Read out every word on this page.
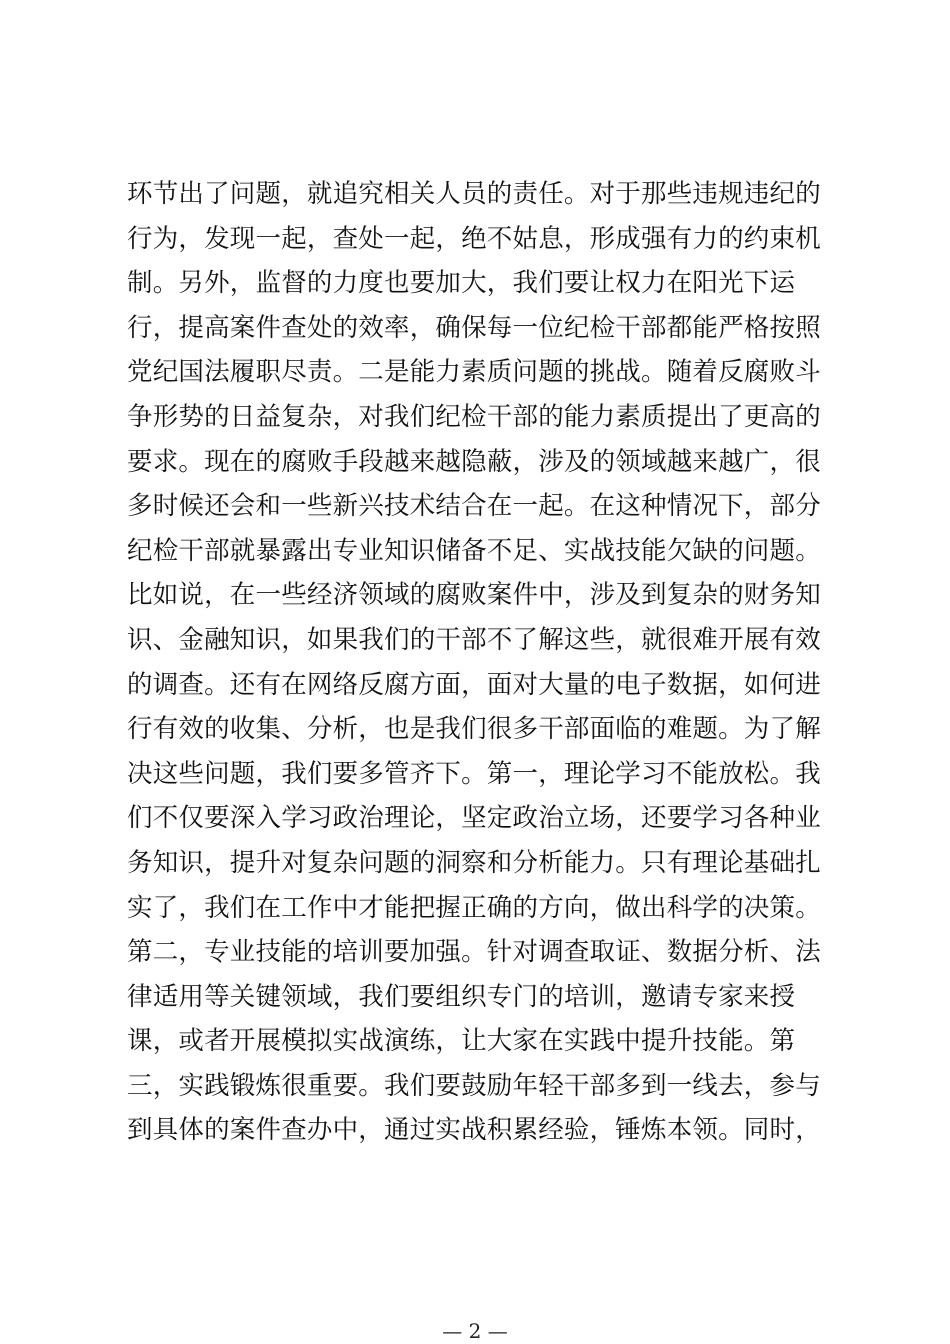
环节出了问题，就追究相关人员的责任。对于那些违规违纪的
行为，发现一起，查处一起，绝不姑息，形成强有力的约束机
制。另外，监督的力度也要加大，我们要让权力在阳光下运
行，提高案件查处的效率，确保每一位纪检干部都能严格按照
党纪国法履职尽责。二是能力素质问题的挑战。随着反腐败斗
争形势的日益复杂，对我们纪检干部的能力素质提出了更高的
要求。现在的腐败手段越来越隐蔽，涉及的领域越来越广，很
多时候还会和一些新兴技术结合在一起。在这种情况下，部分
纪检干部就暴露出专业知识储备不足、实战技能欠缺的问题。
比如说，在一些经济领域的腐败案件中，涉及到复杂的财务知
识、金融知识，如果我们的干部不了解这些，就很难开展有效
的调查。还有在网络反腐方面，面对大量的电子数据，如何进
行有效的收集、分析，也是我们很多干部面临的难题。为了解
决这些问题，我们要多管齐下。第一，理论学习不能放松。我
们不仅要深入学习政治理论，坚定政治立场，还要学习各种业
务知识，提升对复杂问题的洞察和分析能力。只有理论基础扎
实了，我们在工作中才能把握正确的方向，做出科学的决策。
第二，专业技能的培训要加强。针对调查取证、数据分析、法
律适用等关键领域，我们要组织专门的培训，邀请专家来授
课，或者开展模拟实战演练，让大家在实践中提升技能。第
三，实践锻炼很重要。我们要鼓励年轻干部多到一线去，参与
到具体的案件查办中，通过实战积累经验，锤炼本领。同时，
— 2 —
